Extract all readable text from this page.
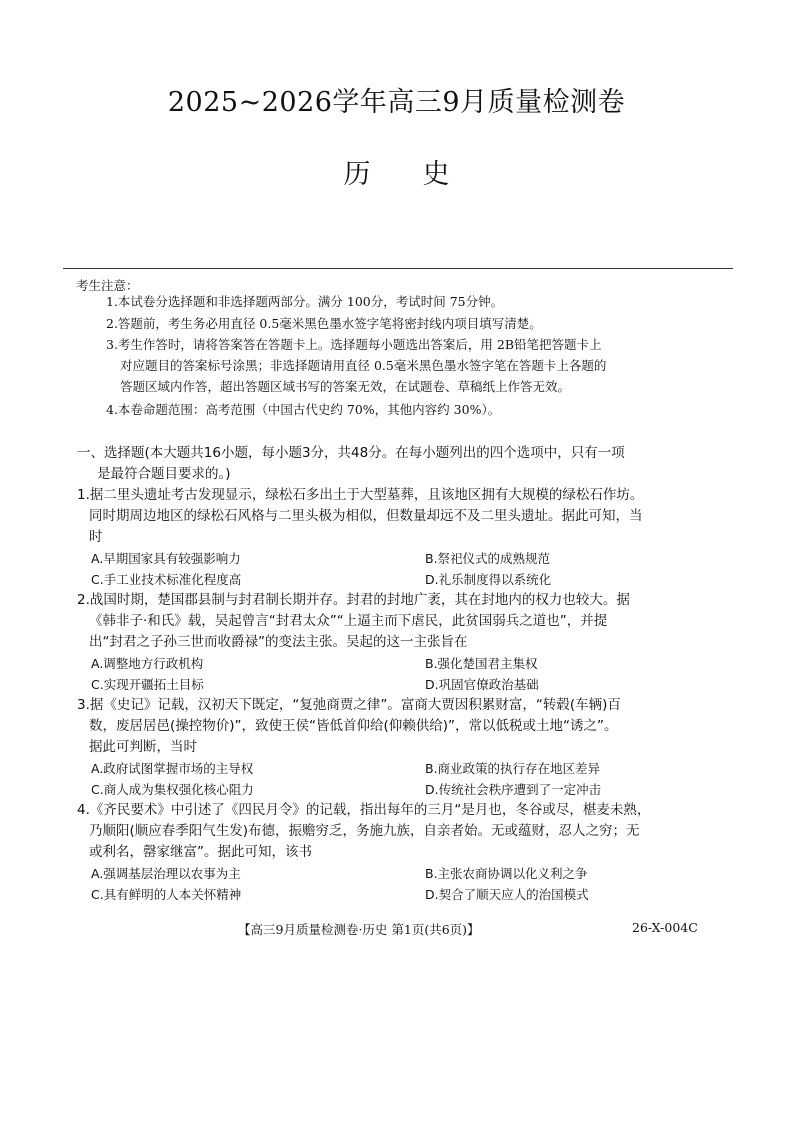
2025~2026学年高三9月质量检测卷
历 史
考生注意：
1.本试卷分选择题和非选择题两部分。满分 100分，考试时间 75分钟。
2.答题前，考生务必用直径 0.5毫米黑色墨水签字笔将密封线内项目填写清楚。
3.考生作答时，请将答案答在答题卡上。选择题每小题选出答案后，用 2B铅笔把答题卡上
对应题目的答案标号涂黑；非选择题请用直径 0.5毫米黑色墨水签字笔在答题卡上各题的
答题区域内作答，超出答题区域书写的答案无效，在试题卷、草稿纸上作答无效。
4.本卷命题范围：高考范围（中国古代史约 70%，其他内容约 30%）。
一、选择题(本大题共16小题，每小题3分，共48分。在每小题列出的四个选项中，只有一项
是最符合题目要求的。)
1.据二里头遗址考古发现显示，绿松石多出土于大型墓葬，且该地区拥有大规模的绿松石作坊。
同时期周边地区的绿松石风格与二里头极为相似，但数量却远不及二里头遗址。据此可知，当
时
A.早期国家具有较强影响力	B.祭祀仪式的成熟规范
C.手工业技术标准化程度高	D.礼乐制度得以系统化
2.战国时期，楚国郡县制与封君制长期并存。封君的封地广袤，其在封地内的权力也较大。据
《韩非子·和氏》载，吴起曾言“封君太众”“上逼主而下虐民，此贫国弱兵之道也”，并提
出“封君之子孙三世而收爵禄”的变法主张。吴起的这一主张旨在
A.调整地方行政机构	B.强化楚国君主集权
C.实现开疆拓土目标	D.巩固官僚政治基础
3.据《史记》记载，汉初天下既定，“复弛商贾之律”。富商大贾因积累财富，“转毂(车辆)百
数，废居居邑(操控物价)”，致使王侯“皆低首仰给(仰赖供给)”，常以低税或土地“诱之”。
据此可判断，当时
A.政府试图掌握市场的主导权	B.商业政策的执行存在地区差异
C.商人成为集权强化核心阻力	D.传统社会秩序遭到了一定冲击
4.《齐民要术》中引述了《四民月令》的记载，指出每年的三月“是月也，冬谷或尽，椹麦未熟，
乃顺阳(顺应春季阳气生发)布德，振赡穷乏，务施九族，自亲者始。无或蕴财，忍人之穷；无
或利名，罄家继富”。据此可知，该书
A.强调基层治理以农事为主	B.主张农商协调以化义利之争
C.具有鲜明的人本关怀精神	D.契合了顺天应人的治国模式
【高三9月质量检测卷·历史 第1页(共6页)】	26-X-004C
